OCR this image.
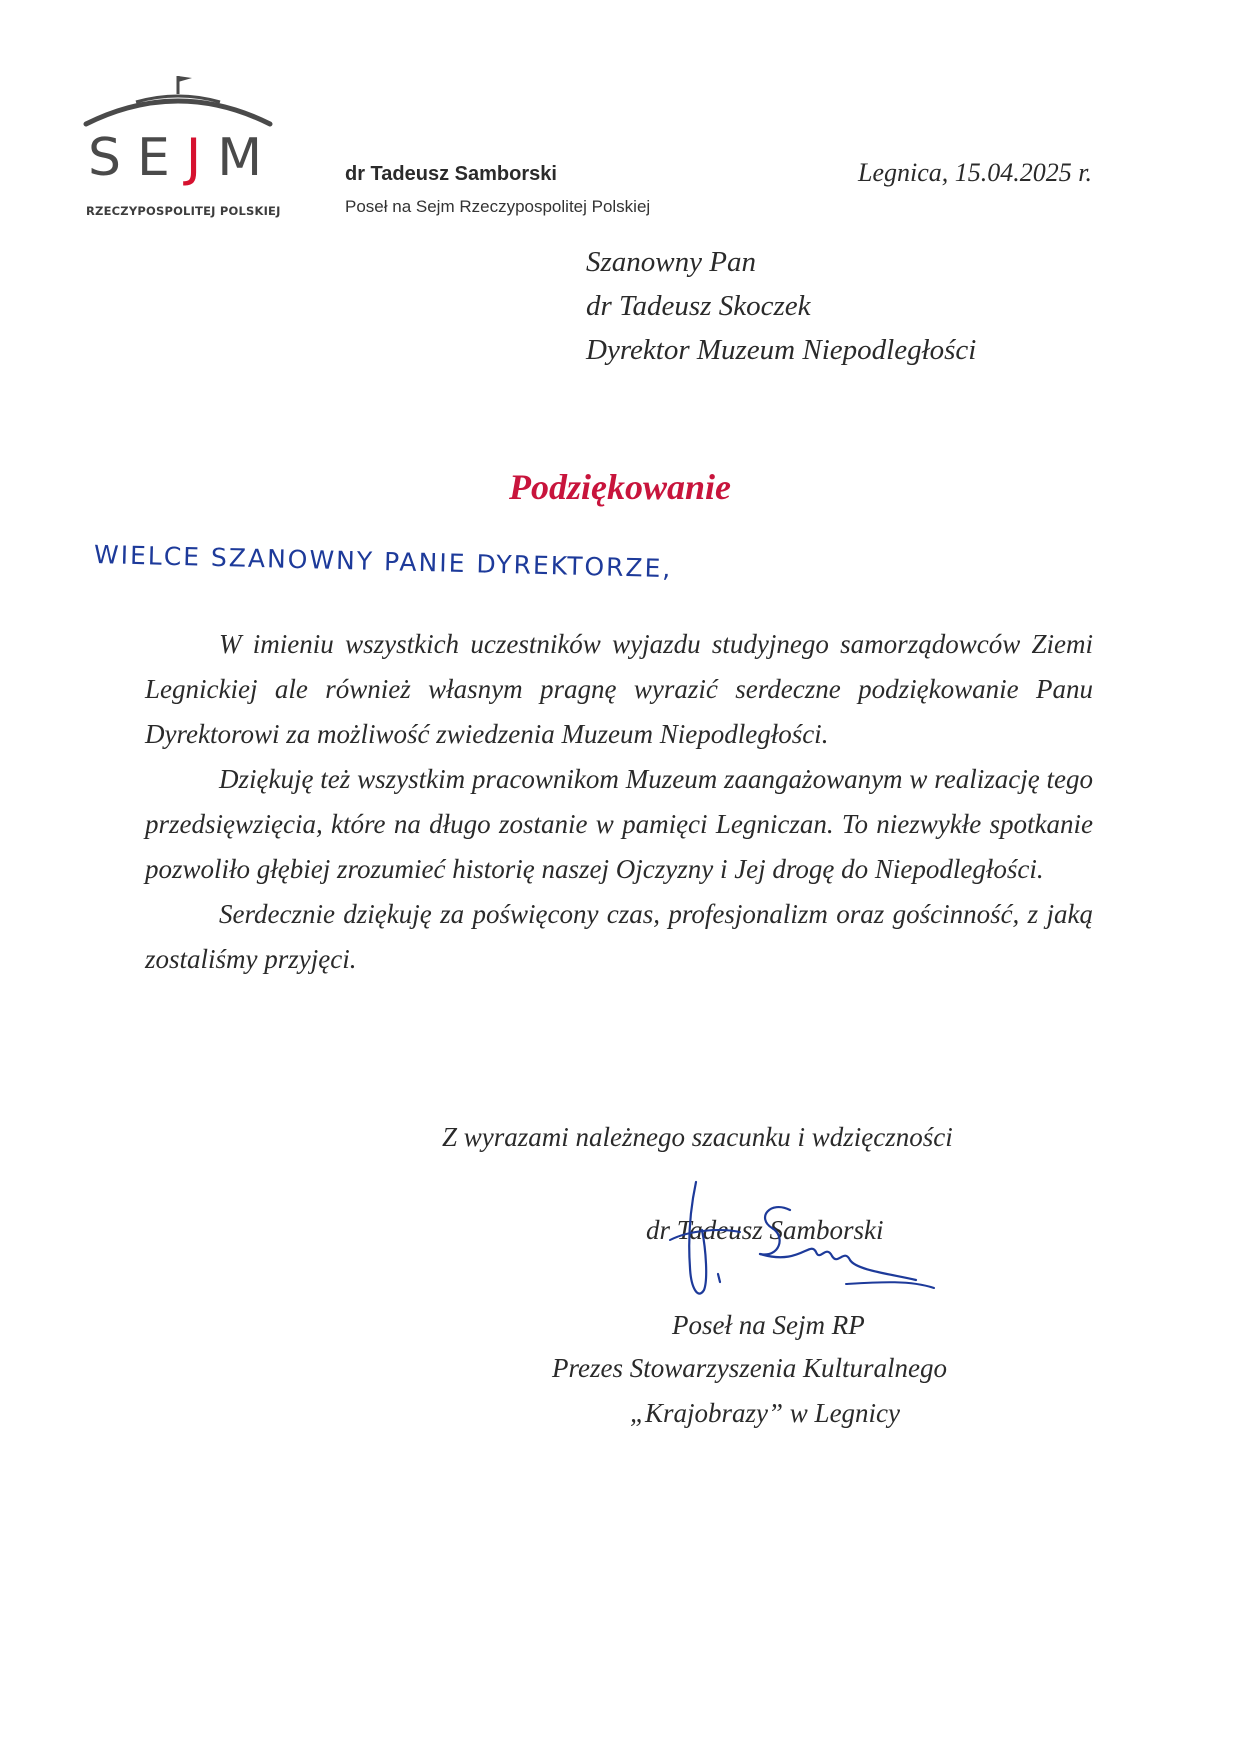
SEJM
RZECZYPOSPOLITEJ POLSKIEJ
dr Tadeusz Samborski
Poseł na Sejm Rzeczypospolitej Polskiej
Legnica, 15.04.2025 r.
Szanowny Pan
dr Tadeusz Skoczek
Dyrektor Muzeum Niepodległości
Podziękowanie
WIELCE SZANOWNY PANIE DYREKTORZE,

W imieniu wszystkich uczestników wyjazdu studyjnego samorządowców Ziemi Legnickiej ale również własnym pragnę wyrazić serdeczne podziękowanie Panu Dyrektorowi za możliwość zwiedzenia Muzeum Niepodległości.

Dziękuję też wszystkim pracownikom Muzeum zaangażowanym w realizację tego przedsięwzięcia, które na długo zostanie w pamięci Legniczan. To niezwykłe spotkanie pozwoliło głębiej zrozumieć historię naszej Ojczyzny i Jej drogę do Niepodległości.

Serdecznie dziękuję za poświęcony czas, profesjonalizm oraz gościnność, z jaką zostaliśmy przyjęci.

Z wyrazami należnego szacunku i wdzięczności
dr Tadeusz Samborski
Poseł na Sejm RP
Prezes Stowarzyszenia Kulturalnego
„Krajobrazy” w Legnicy
